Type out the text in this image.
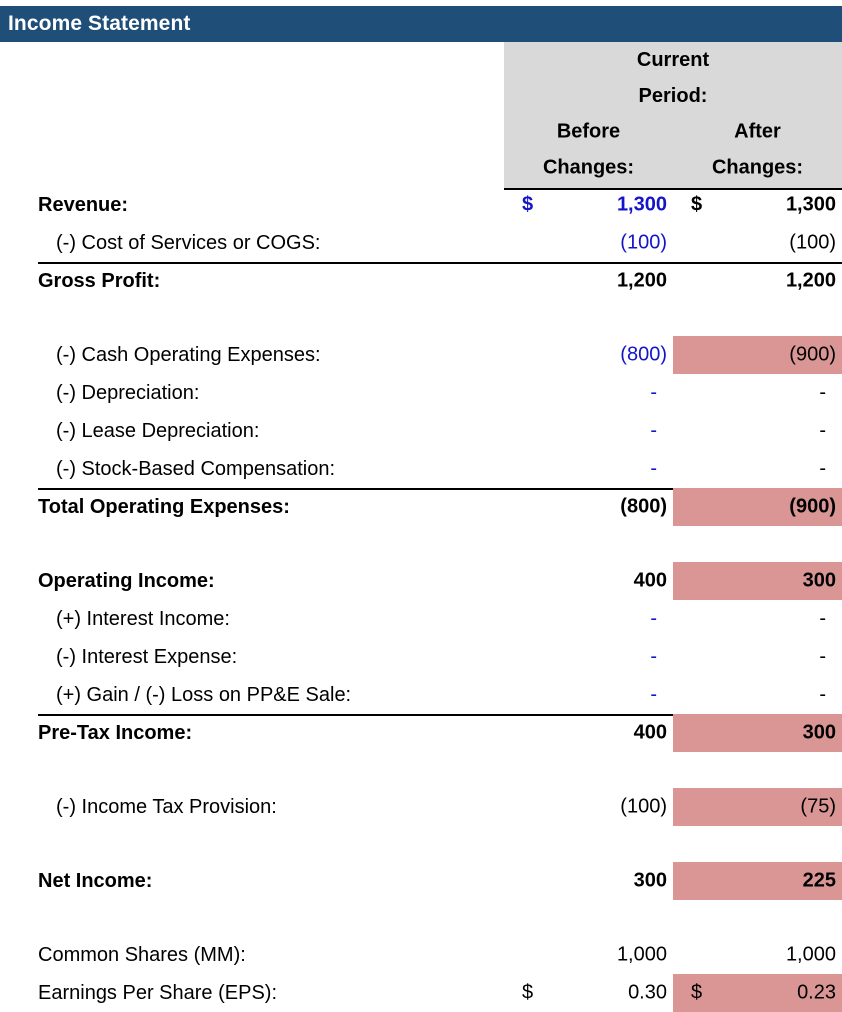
Income Statement
Current
Period:
Before	After
Changes:	Changes:
Revenue:	$	1,300 $	1,300
(-) Cost of Services or COGS:	(100)	(100)
Gross Profit:	1,200	1,200
(-) Cash Operating Expenses:	(800)	(900)
(-) Depreciation:	-	-
(-) Lease Depreciation:	-	-
(-) Stock-Based Compensation:	-	-
Total Operating Expenses:	(800)	(900)
Operating Income:	400	300
(+) Interest Income:	-	-
(-) Interest Expense:	-	-
(+) Gain / (-) Loss on PP&E Sale:	-	-
Pre-Tax Income:	400	300
(-) Income Tax Provision:	(100)	(75)
Net Income:	300	225
Common Shares (MM):	1,000	1,000
Earnings Per Share (EPS):	$	0.30 $	0.23
